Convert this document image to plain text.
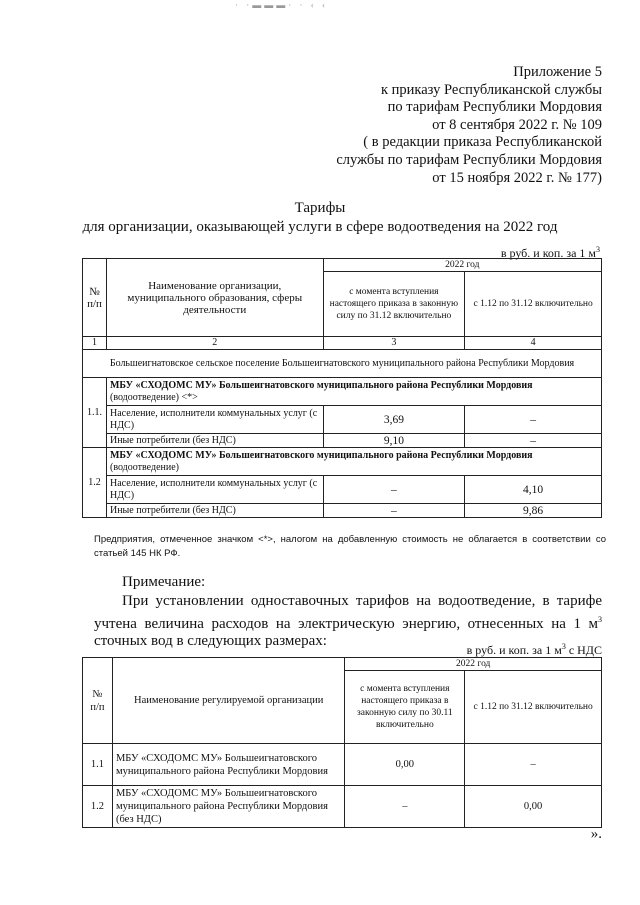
· ·▬▬▬· · ‹ ‹
Приложение 5
к приказу Республиканской службы
по тарифам Республики Мордовия
от 8 сентября 2022 г. № 109
( в редакции приказа Республиканской
службы по тарифам Республики Мордовия
от 15 ноября 2022 г. № 177)
Тарифы
для организации, оказывающей услуги в сфере водоотведения на 2022 год
в руб. и коп. за 1 $м^3$
№
п/п	Наименование организации, муниципального образования, сферы деятельности	2022 год	
		с момента вступления настоящего приказа в законную силу по 31.12 включительно	с 1.12 по 31.12 включительно
1	2	3	4
Большеигнатовское сельское поселение Большеигнатовского муниципального района Республики Мордовия			
1.1.	МБУ «СХОДОМС МУ» Большеигнатовского муниципального района Республики Мордовия (водоотведение) <*>		
	Население, исполнители коммунальных услуг (с НДС)	3,69	–
	Иные потребители (без НДС)	9,10	–
1.2	МБУ «СХОДОМС МУ» Большеигнатовского муниципального района Республики Мордовия (водоотведение)		
	Население, исполнители коммунальных услуг (с НДС)	–	4,10
	Иные потребители (без НДС)	–	9,86
Предприятия, отмеченное значком <*>, налогом на добавленную стоимость не облагается в соответствии со статьей 145 НК РФ.
Примечание:
При установлении одноставочных тарифов на водоотведение, в тарифе учтена величина расходов на электрическую энергию, отнесенных на 1 $м^3$ сточных вод в следующих размерах:
в руб. и коп. за 1 $м^3$ с НДС
№
п/п	Наименование регулируемой организации	2022 год	
		с момента вступления настоящего приказа в законную силу по 30.11 включительно	с 1.12 по 31.12 включительно
1.1	МБУ «СХОДОМС МУ» Большеигнатовского муниципального района Республики Мордовия	0,00	–
1.2	МБУ «СХОДОМС МУ» Большеигнатовского муниципального района Республики Мордовия (без НДС)	–	0,00
».
